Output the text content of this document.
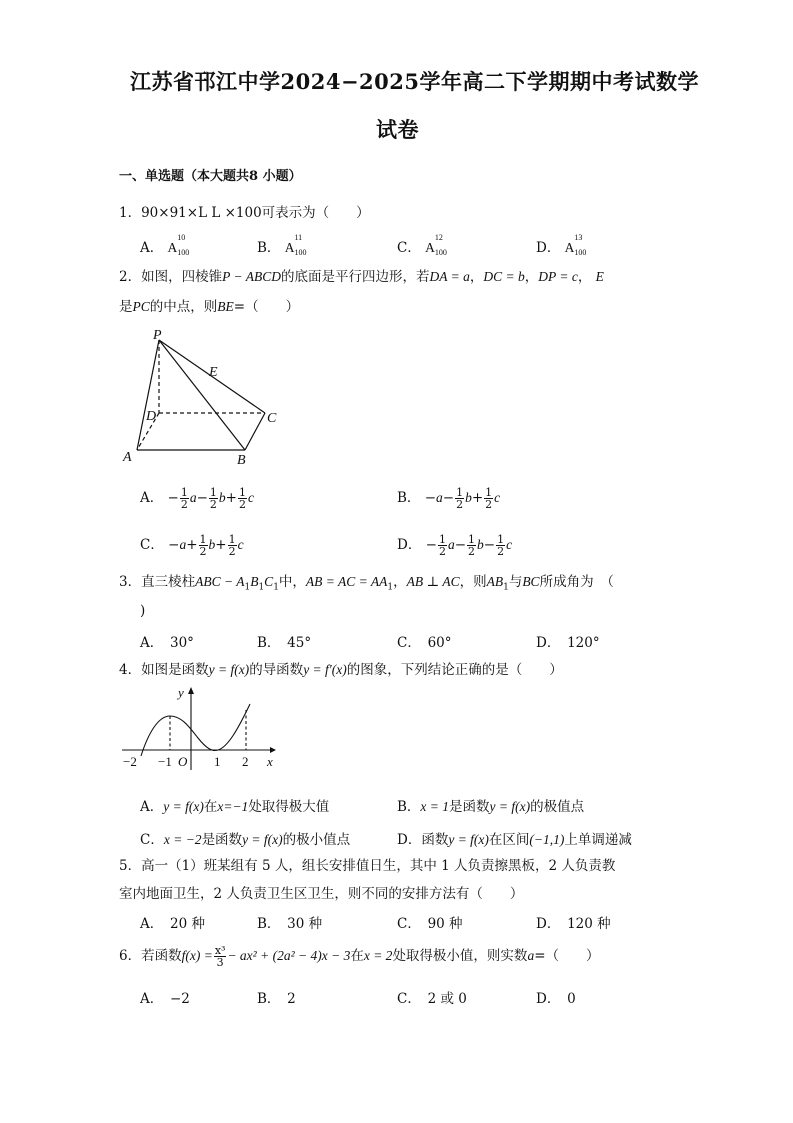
江苏省邗江中学2024−2025学年高二下学期期中考试数学
试卷
一、单选题（本大题共8 小题）
1．90×91×L L ×100可表示为（　　）
A． A
10
100	B． A
11
100	C． A
12
100	D． A
13
100
2．如图，四棱锥P − ABCD的底面是平行四边形，若DA = a，DC = b，DP = c， E
是PC的中点，则BE=（　　）
P
E
D	C
A	B
A． − $\frac{1}{2} a- \frac{1}{2} b+ \frac{1}{2}$ c	B． $-a- \frac{1}{2} b+ \frac{1}{2}$ c
C． $-a+ \frac{1}{2} b+ \frac{1}{2}$ c	D． − $\frac{1}{2} a- \frac{1}{2} b- \frac{1}{2}$ c
3．直三棱柱ABC − $A_1B_1C_1$中，AB = AC = $AA_1$，AB ⊥ AC，则$AB_1$与BC所成角为　（
)
A．　30°	B．　45°	C．　60°	D．　120°
4．如图是函数y = f(x)的导函数y = f′(x)的图象，下列结论正确的是（　　）
y
x
O
−2 −1	1 2
A．y = f(x)在x=−1处取得极大值	B．x = 1是函数y = f(x)的极值点
C．x = −2是函数y = f(x)的极小值点	D．函数y = f(x)在区间(−1,1)上单调递减
5．高一（1）班某组有 5 人，组长安排值日生，其中 1 人负责擦黑板，2 人负责教
室内地面卫生，2 人负责卫生区卫生，则不同的安排方法有（　　）
A．　20 种	B．　30 种	C．　90 种	D．　120 种
6．若函数$f(x) = \frac{\text{x³}}{3} - ax^2 + (2a^2 - 4)x - 3$在x = 2处取得极小值，则实数a=（　　）
A．　−2	B．　2	C．　2 或 0	D．　0
